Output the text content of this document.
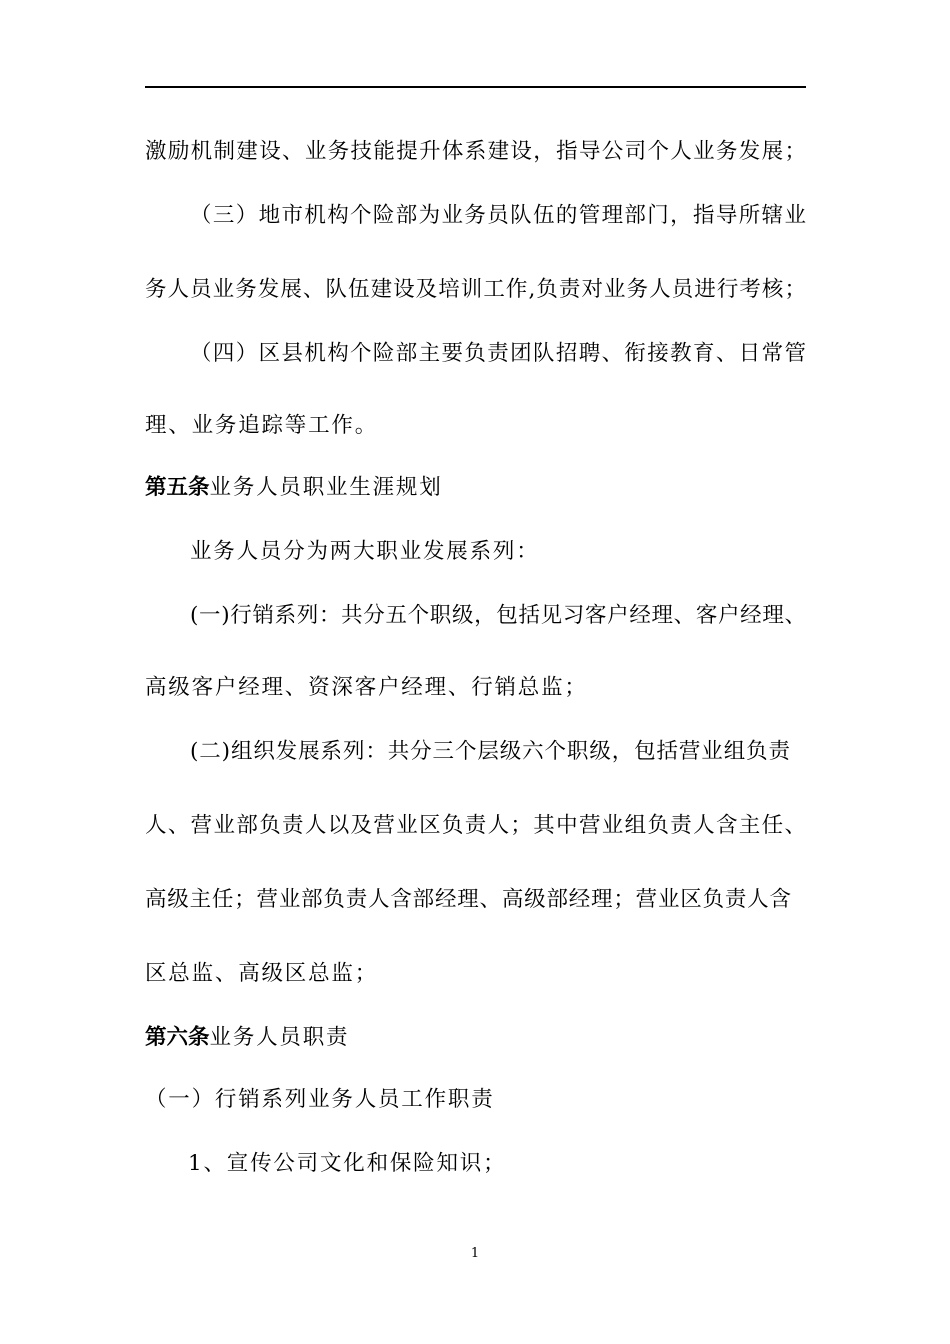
激励机制建设、业务技能提升体系建设，指导公司个人业务发展；
（三）地市机构个险部为业务员队伍的管理部门，指导所辖业
务人员业务发展、队伍建设及培训工作,负责对业务人员进行考核；
（四）区县机构个险部主要负责团队招聘、衔接教育、日常管
理、业务追踪等工作。
第五条业务人员职业生涯规划
业务人员分为两大职业发展系列：
(一)行销系列：共分五个职级，包括见习客户经理、客户经理、
高级客户经理、资深客户经理、行销总监；
(二)组织发展系列：共分三个层级六个职级，包括营业组负责
人、营业部负责人以及营业区负责人；其中营业组负责人含主任、
高级主任；营业部负责人含部经理、高级部经理；营业区负责人含
区总监、高级区总监；
第六条业务人员职责
（一）行销系列业务人员工作职责
1、宣传公司文化和保险知识；
1
